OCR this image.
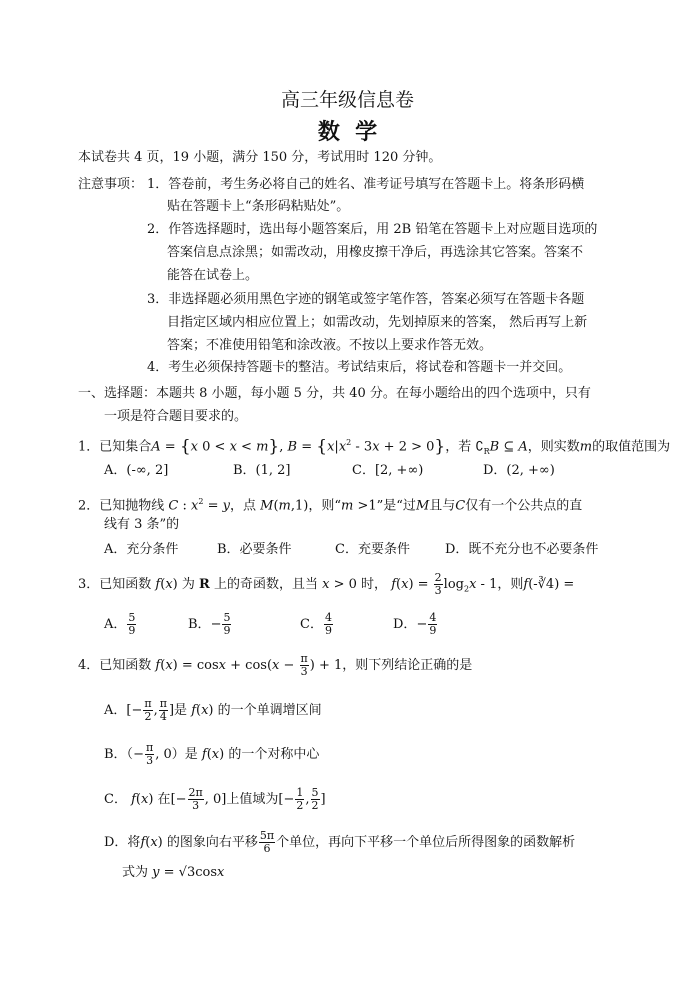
高三年级信息卷
数  学
本试卷共 4 页，19 小题，满分 150 分，考试用时 120 分钟。
注意事项： 1．答卷前，考生务必将自己的姓名、准考证号填写在答题卡上。将条形码横
贴在答题卡上“条形码粘贴处”。
2．作答选择题时，选出每小题答案后，用 2B 铅笔在答题卡上对应题目选项的
答案信息点涂黑；如需改动，用橡皮擦干净后，再选涂其它答案。答案不
能答在试卷上。
3．非选择题必须用黑色字迹的钢笔或签字笔作答，答案必须写在答题卡各题
目指定区域内相应位置上；如需改动，先划掉原来的答案， 然后再写上新
答案；不准使用铅笔和涂改液。不按以上要求作答无效。
4．考生必须保持答题卡的整洁。考试结束后，将试卷和答题卡一并交回。
一、选择题：本题共 8 小题，每小题 5 分，共 40 分。在每小题给出的四个选项中，只有
一项是符合题目要求的。
1．已知集合A = {x 0 < x < m}, $B = \{x|x^2 - 3x + 2 > 0\}$，若 $∁_RB$ ⊆ A，则实数m的取值范围为
A．(-∞, 2]	B．(1, 2]	C．[2, +∞)	D．(2, +∞)
2．已知抛物线 C : $x^2 = y$，点 M(m,1)，则“m >1”是“过M且与C仅有一个公共点的直
线有 3 条”的
A．充分条件	B．必要条件	C．充要条件	D．既不充分也不必要条件
3．已知函数 f(x) 为 R 上的奇函数，且当 x > 0 时， $f(x) = \frac{2}{3} \log_2x - 1$，则f(-∛4) =
A． $\frac{5}{9}$	B．− $\frac{5}{9}$	C． $\frac{4}{9}$	D．− $\frac{4}{9}$
4．已知函数 $f(x) = \cos x + \cos(x - \frac{\pi}{3}$ ) + 1，则下列结论正确的是
A．[− $\frac{\pi}{2}$ , $\frac{\pi}{4}$ ]是 f(x) 的一个单调增区间
B．（− $\frac{\pi}{3}$ , 0）是 f(x) 的一个对称中心
C． f(x) 在[− $\frac{2\pi}{3}$ , 0]上值域为[− $\frac{1}{2}$ , $\frac{5}{2}$ ]
D．将f(x) 的图象向右平移 $\frac{5\pi}{6}$ 个单位，再向下平移一个单位后所得图象的函数解析
式为 y = √3cosx
